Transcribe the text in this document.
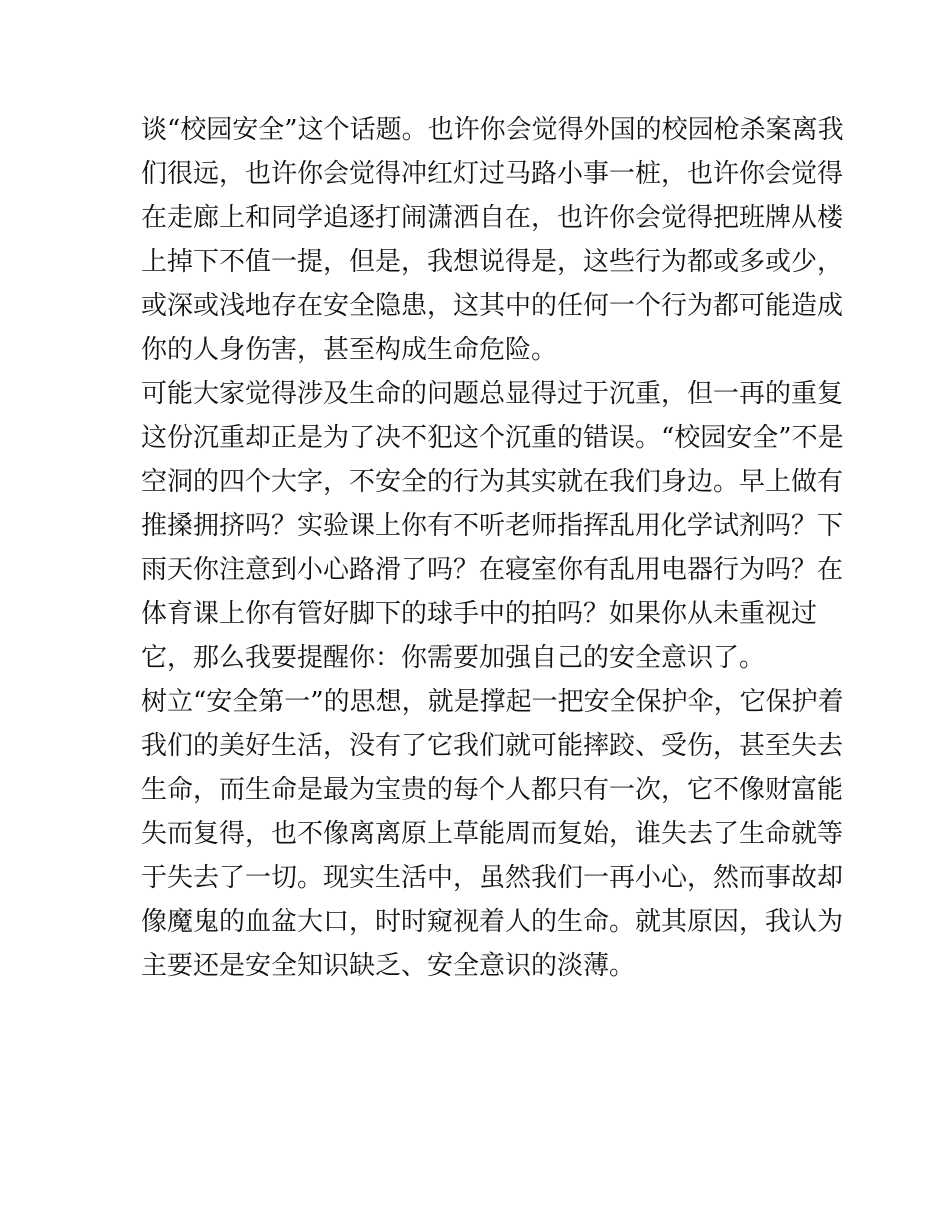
谈“校园安全”这个话题。也许你会觉得外国的校园枪杀案离我
们很远，也许你会觉得冲红灯过马路小事一桩，也许你会觉得
在走廊上和同学追逐打闹潇洒自在，也许你会觉得把班牌从楼
上掉下不值一提，但是，我想说得是，这些行为都或多或少，
或深或浅地存在安全隐患，这其中的任何一个行为都可能造成
你的人身伤害，甚至构成生命危险。
可能大家觉得涉及生命的问题总显得过于沉重，但一再的重复
这份沉重却正是为了决不犯这个沉重的错误。“校园安全”不是
空洞的四个大字，不安全的行为其实就在我们身边。早上做有
推搡拥挤吗？实验课上你有不听老师指挥乱用化学试剂吗？下
雨天你注意到小心路滑了吗？在寝室你有乱用电器行为吗？在
体育课上你有管好脚下的球手中的拍吗？如果你从未重视过
它，那么我要提醒你：你需要加强自己的安全意识了。
树立“安全第一”的思想，就是撑起一把安全保护伞，它保护着
我们的美好生活，没有了它我们就可能摔跤、受伤，甚至失去
生命，而生命是最为宝贵的每个人都只有一次，它不像财富能
失而复得，也不像离离原上草能周而复始，谁失去了生命就等
于失去了一切。现实生活中，虽然我们一再小心，然而事故却
像魔鬼的血盆大口，时时窥视着人的生命。就其原因，我认为
主要还是安全知识缺乏、安全意识的淡薄。
